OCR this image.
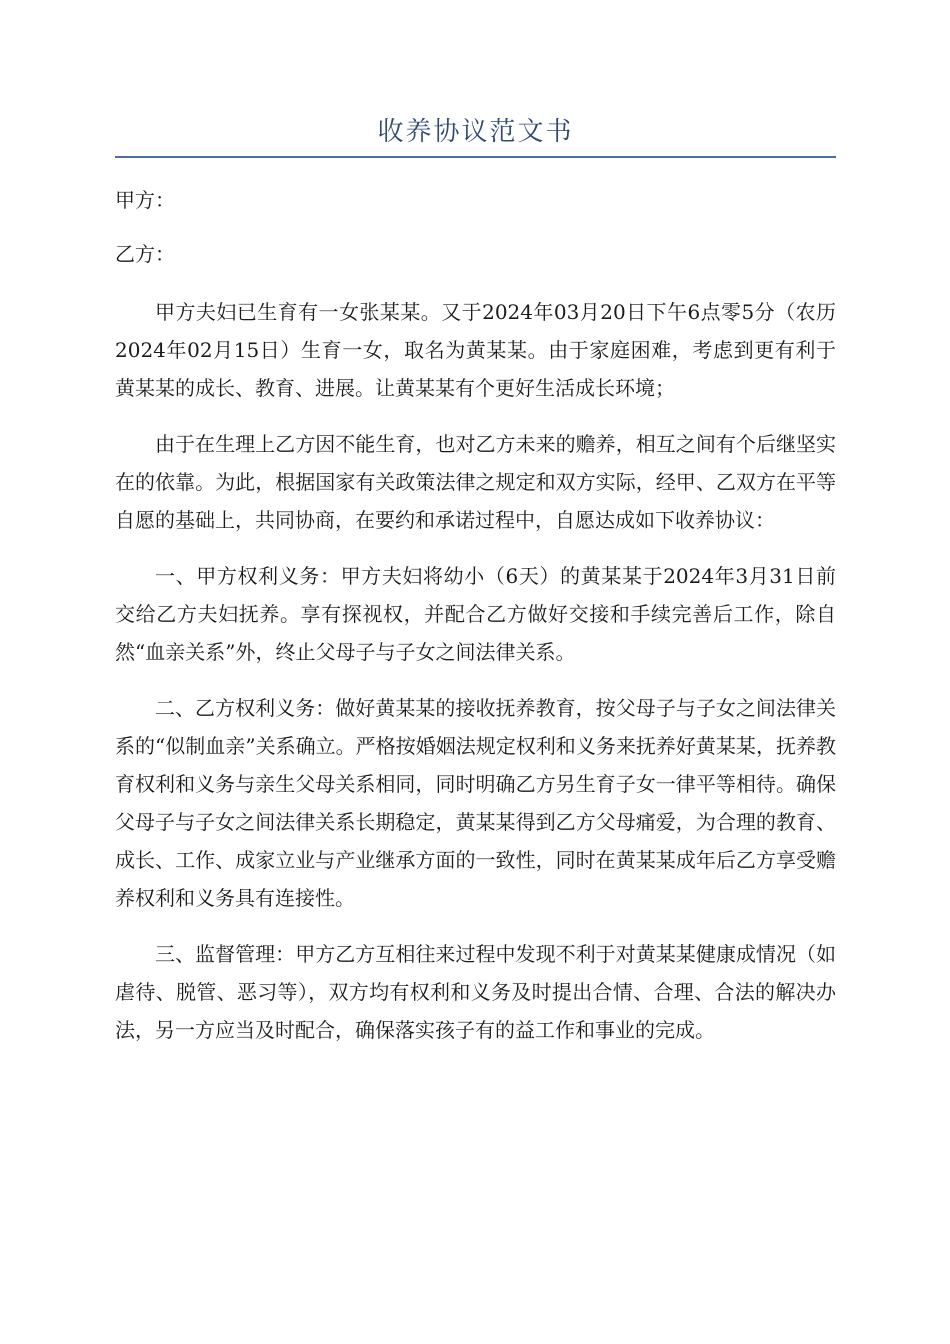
收养协议范文书

甲方：

乙方：

甲方夫妇已生育有一女张某某。又于2024年03月20日下午6点零5分（农历2024年02月15日）生育一女，取名为黄某某。由于家庭困难，考虑到更有利于黄某某的成长、教育、进展。让黄某某有个更好生活成长环境；

由于在生理上乙方因不能生育，也对乙方未来的赡养，相互之间有个后继坚实在的依靠。为此，根据国家有关政策法律之规定和双方实际，经甲、乙双方在平等自愿的基础上，共同协商，在要约和承诺过程中，自愿达成如下收养协议：

一、甲方权利义务：甲方夫妇将幼小（6天）的黄某某于2024年3月31日前交给乙方夫妇抚养。享有探视权，并配合乙方做好交接和手续完善后工作，除自然“血亲关系”外，终止父母子与子女之间法律关系。

二、乙方权利义务：做好黄某某的接收抚养教育，按父母子与子女之间法律关系的“似制血亲”关系确立。严格按婚姻法规定权利和义务来抚养好黄某某，抚养教育权利和义务与亲生父母关系相同，同时明确乙方另生育子女一律平等相待。确保父母子与子女之间法律关系长期稳定，黄某某得到乙方父母痛爱，为合理的教育、成长、工作、成家立业与产业继承方面的一致性，同时在黄某某成年后乙方享受赡养权利和义务具有连接性。

三、监督管理：甲方乙方互相往来过程中发现不利于对黄某某健康成情况（如虐待、脱管、恶习等），双方均有权利和义务及时提出合情、合理、合法的解决办法，另一方应当及时配合，确保落实孩子有的益工作和事业的完成。
